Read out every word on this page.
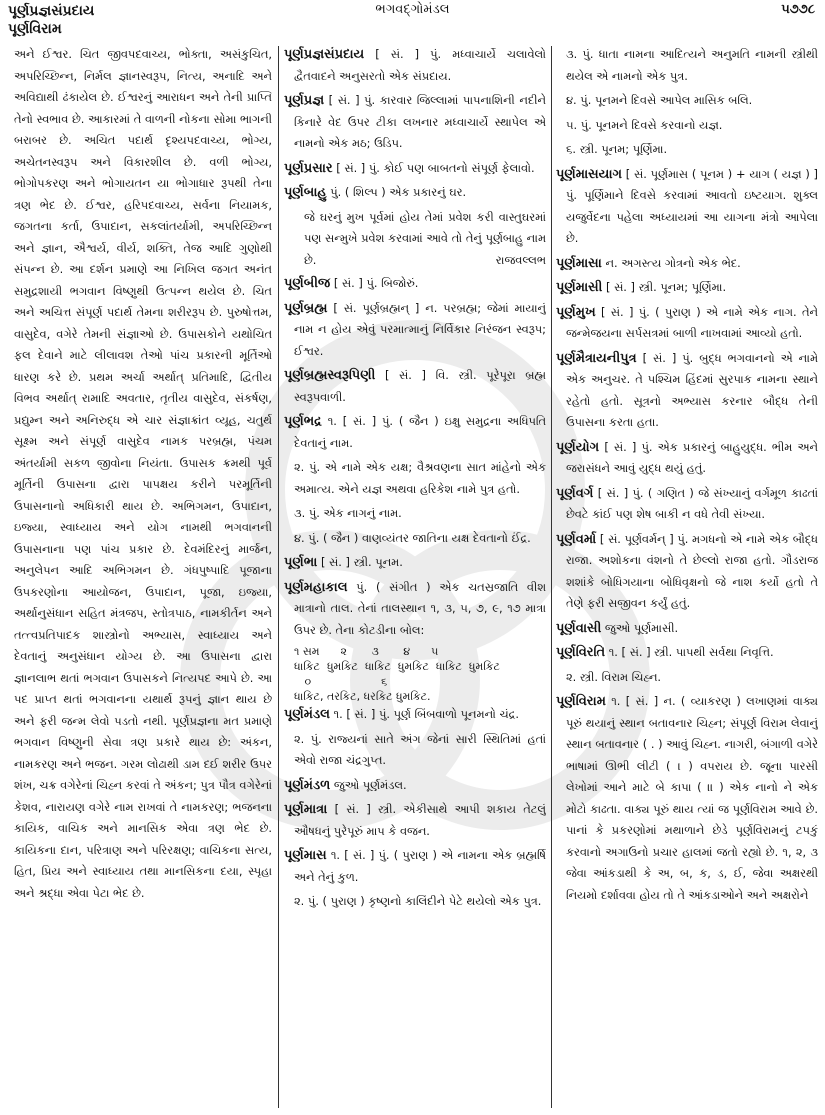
પૂર્ણપ્રજ્ઞસંપ્રદાય
પૂર્ણવિરામ
ભગવદ્ગોમંડલ	૫૭૭૮

અને ઈશ્વર. ચિત જીવપદવાચ્ય, ભોક્તા, અસંકુચિત, અપરિચ્છિન્ન, નિર્મલ જ્ઞાનસ્વરૂપ, નિત્ય, અનાદિ અને અવિદ્યાથી ઢંકાયેલ છે. ઈશ્વરનું આરાધન અને તેની પ્રાપ્તિ તેનો સ્વભાવ છે. આકારમાં તે વાળની નોકના સોમા ભાગની બરાબર છે. અચિત પદાર્થ દૃશ્યપદવાચ્ય, ભોગ્ય, અચેતનસ્વરૂપ અને વિકારશીલ છે. વળી ભોગ્ય, ભોગોપકરણ અને ભોગાયતન યા ભોગાધાર રૂપથી તેના ત્રણ ભેદ છે. ઈશ્વર, હરિપદવાચ્ય, સર્વના નિયામક, જગતના કર્તા, ઉપાદાન, સકલાંતર્યામી, અપરિચ્છિન્ન અને જ્ઞાન, ઐશ્વર્ય, વીર્ય, શક્તિ, તેજ આદિ ગુણોથી સંપન્ન છે. આ દર્શન પ્રમાણે આ નિખિલ જગત અનંત સમુદ્રશાયી ભગવાન વિષ્ણુથી ઉત્પન્ન થયેલ છે. ચિત અને અચિત્ત સંપૂર્ણ પદાર્થ તેમના શરીરરૂપ છે. પુરુષોત્તમ, વાસુદેવ, વગેરે તેમની સંજ્ઞાઓ છે. ઉપાસકોને યથોચિત ફલ દેવાને માટે લીલાવશ તેઓ પાંચ પ્રકારની મૂર્તિઓ ધારણ કરે છે. પ્રથમ અર્ચા અર્થાત્ પ્રતિમાદિ, દ્વિતીય વિભવ અર્થાત્ રામાદિ અવતાર, તૃતીય વાસુદેવ, સંકર્ષણ, પ્રદ્યુમ્ન અને અનિરુદ્ધ એ ચાર સંજ્ઞાક્રાંત વ્યૂહ, ચતુર્થ સૂક્ષ્મ અને સંપૂર્ણ વાસુદેવ નામક પરબ્રહ્મ, પંચમ અંતર્યામી સકળ જીવોના નિયંતા. ઉપાસક ક્રમથી પૂર્વ મૂર્તિની ઉપાસના દ્વારા પાપક્ષય કરીને પરમૂર્તિની ઉપાસનાનો અધિકારી થાય છે. અભિગમન, ઉપાદાન, ઇજ્યા, સ્વાધ્યાય અને યોગ નામથી ભગવાનની ઉપાસનાના પણ પાંચ પ્રકાર છે. દેવમંદિરનું માર્જન, અનુલેપન આદિ અભિગમન છે. ગંધપુષ્પાદિ પૂજાના ઉપકરણોના આયોજન, ઉપાદાન, પૂજા, ઇજ્યા, અર્થાનુસંધાન સહિત મંત્રજપ, સ્તોત્રપાઠ, નામકીર્તન અને તત્ત્વપ્રતિપાદક શાસ્ત્રોનો અભ્યાસ, સ્વાધ્યાય અને દેવતાનું અનુસંધાન યોગ્ય છે. આ ઉપાસના દ્વારા જ્ઞાનલાભ થતાં ભગવાન ઉપાસકને નિત્યપદ આપે છે. આ પદ પ્રાપ્ત થતાં ભગવાનના યથાર્થ રૂપનું જ્ઞાન થાય છે અને ફરી જન્મ લેવો પડતો નથી. પૂર્ણપ્રજ્ઞના મત પ્રમાણે ભગવાન વિષ્ણુની સેવા ત્રણ પ્રકારે થાય છે: અંકન, નામકરણ અને ભજન. ગરમ લોઢાથી ડામ દઈ શરીર ઉપર શંખ, ચક્ર વગેરેનાં ચિહ્ન કરવાં તે અંકન; પુત્ર પૌત્ર વગેરેનાં કેશવ, નારાયણ વગેરે નામ રાખવાં તે નામકરણ; ભજનના કાયિક, વાચિક અને માનસિક એવા ત્રણ ભેદ છે. કાયિકના દાન, પરિત્રાણ અને પરિરક્ષણ; વાચિકના સત્ય, હિત, પ્રિય અને સ્વાધ્યાય તથા માનસિકના દયા, સ્પૃહા અને શ્રદ્ધા એવા પેટા ભેદ છે.

પૂર્ણપ્રજ્ઞસંપ્રદાય [ સં. ] પું. મધ્વાચાર્યે ચલાવેલો દ્વૈતવાદને અનુસરતો એક સંપ્રદાય.

પૂર્ણપ્રજ્ઞ [ સં. ] પું. કારવાર જિલ્લામાં પાપનાશિની નદીને કિનારે વેદ ઉપર ટીકા લખનાર મધ્વાચાર્યે સ્થાપેલ એ નામનો એક મઠ; ઉડિપ.

પૂર્ણપ્રસાર [ સં. ] પું. કોઈ પણ બાબતનો સંપૂર્ણ ફેલાવો.

પૂર્ણબાહુ પું. ( શિલ્પ ) એક પ્રકારનું ઘર.

જે ઘરનું મુખ પૂર્વમાં હોય તેમાં પ્રવેશ કરી વાસ્તુઘરમાં પણ સન્મુખે પ્રવેશ કરવામાં આવે તો તેનું પૂર્ણબાહુ નામ છે.	રાજવલ્લભ

પૂર્ણબીજ [ સં. ] પું. બિજોરું.

પૂર્ણબ્રહ્મ [ સં. પૂર્ણબ્રહ્મન્ ] ન. પરબ્રહ્મ; જેમાં માયાનું નામ ન હોય એવું પરમાત્માનું નિર્વિકાર નિરંજન સ્વરૂપ; ઈશ્વર.

પૂર્ણબ્રહ્મસ્વરૂપિણી [ સં. ] વિ. સ્ત્રી. પૂરેપૂરા બ્રહ્મ સ્વરૂપવાળી.

પૂર્ણભદ્ર ૧. [ સં. ] પું. ( જૈન ) ઇક્ષુ સમુદ્રના અધિપતિ દેવતાનું નામ.

૨. પું. એ નામે એક યક્ષ; વૈશ્રવણના સાત માંહેનો એક અમાત્ય. એને યજ્ઞ અથવા હરિકેશ નામે પુત્ર હતો.

૩. પું. એક નાગનું નામ.

૪. પું. ( જૈન ) વાણવ્યંતર જાતિના યક્ષ દેવતાનો ઈંદ્ર.

પૂર્ણભા [ સં. ] સ્ત્રી. પૂનમ.

પૂર્ણમહાકાલ પું. ( સંગીત ) એક ચતસ્રજાતિ વીશ માત્રાનો તાલ. તેનાં તાલસ્થાન ૧, ૩, ૫, ૭, ૯, ૧૭ માત્રા ઉપર છે. તેના કોટડીના બોલ:

૧ સમ      ૨       ૩       ૪      ૫

ધાકિટ  ધુમકિટ  ધાકિટ  ધુમકિટ  ધાકિટ  ધુમકિટ

૦                    ૬

ધાકિટ, તરકિટ, ધરકિટ ધુમકિટ.

પૂર્ણમંડલ ૧. [ સં. ] પું. પૂર્ણ બિંબવાળો પૂનમનો ચંદ્ર.

૨. પું. રાજ્યનાં સાતે અંગ જેનાં સારી સ્થિતિમાં હતાં એવો રાજા ચંદ્રગુપ્ત.

પૂર્ણમંડળ જુઓ પૂર્ણમંડલ.

પૂર્ણમાત્રા [ સં. ] સ્ત્રી. એકીસાથે આપી શકાય તેટલું ઔષધનું પુરેપૂરું માપ કે વજન.

પૂર્ણમાસ ૧. [ સં. ] પું. ( પુરાણ ) એ નામના એક બ્રહ્મર્ષિ અને તેનું કુળ.

૨. પું. ( પુરાણ ) કૃષ્ણનો કાલિંદીને પેટે થયેલો એક પુત્ર.

૩. પું. ધાતા નામના આદિત્યને અનુમતિ નામની સ્ત્રીથી થયેલ એ નામનો એક પુત્ર.

૪. પું. પૂનમને દિવસે આપેલ માસિક બલિ.

૫. પું. પૂનમને દિવસે કરવાનો યજ્ઞ.

૬. સ્ત્રી. પૂનમ; પૂર્ણિમા.

પૂર્ણમાસયાગ [ સં. પૂર્ણમાસ ( પૂનમ ) + યાગ ( યજ્ઞ ) ] પું. પૂર્ણિમાને દિવસે કરવામાં આવતો ઇષ્ટયાગ. શુક્લ યજુર્વેદના પહેલા અધ્યાયમાં આ યાગના મંત્રો આપેલા છે.

પૂર્ણમાસા ન. અગસ્ત્ય ગોત્રનો એક ભેદ.

પૂર્ણમાસી [ સં. ] સ્ત્રી. પૂનમ; પૂર્ણિમા.

પૂર્ણમુખ [ સં. ] પું. ( પુરાણ ) એ નામે એક નાગ. તેને જન્મેજયના સર્પસત્રમાં બાળી નાખવામાં આવ્યો હતો.

પૂર્ણમૈત્રાયનીપુત્ર [ સં. ] પું. બુદ્ધ ભગવાનનો એ નામે એક અનુચર. તે પશ્ચિમ હિંદમાં સુરપાક નામના સ્થાને રહેતો હતો. સૂત્રનો અભ્યાસ કરનાર બૌદ્ધ તેની ઉપાસના કરતા હતા.

પૂર્ણયોગ [ સં. ] પું. એક પ્રકારનું બાહુયુદ્ધ. ભીમ અને જરાસંધને આવું યુદ્ધ થયું હતું.

પૂર્ણવર્ગ [ સં. ] પું. ( ગણિત ) જે સંખ્યાનું વર્ગમૂળ કાઢતાં છેવટે કાંઈ પણ શેષ બાકી ન વધે તેવી સંખ્યા.

પૂર્ણવર્મા [ સં. પૂર્ણવર્મન્ ] પું. મગધનો એ નામે એક બૌદ્ધ રાજા. અશોકના વંશનો તે છેલ્લો રાજા હતો. ગૌડરાજ શશાંકે બોધિગયાના બોધિવૃક્ષનો જે નાશ કર્યો હતો તે તેણે ફરી સજીવન કર્યું હતું.

પૂર્ણવાસી જુઓ પૂર્ણમાસી.

પૂર્ણવિરતિ ૧. [ સં. ] સ્ત્રી. પાપથી સર્વથા નિવૃત્તિ.

૨. સ્ત્રી. વિરામ ચિહ્ન.

પૂર્ણવિરામ ૧. [ સં. ] ન. ( વ્યાકરણ ) લખાણમાં વાક્ય પૂરું થયાનું સ્થાન બતાવનાર ચિહ્ન; સંપૂર્ણ વિરામ લેવાનું સ્થાન બતાવનાર ( . ) આવું ચિહ્ન. નાગરી, બંગાળી વગેરે ભાષામાં ઊભી લીટી ( । ) વપરાય છે. જૂના પારસી લેખોમાં આને માટે બે કાપા ( ॥ ) એક નાનો ને એક મોટો કાઢતા. વાક્ય પૂરું થાય ત્યાં જ પૂર્ણવિરામ આવે છે. પાનાં કે પ્રકરણોમાં મથાળાને છેડે પૂર્ણવિરામનું ટપકું કરવાનો અગાઉનો પ્રચાર હાલમાં જતો રહ્યો છે. ૧, ૨, ૩ જેવા આંકડાથી કે અ, બ, ક, ડ, ઈ, જેવા અક્ષરથી નિયમો દર્શાવવા હોય તો તે આંકડાઓને અને અક્ષરોને
